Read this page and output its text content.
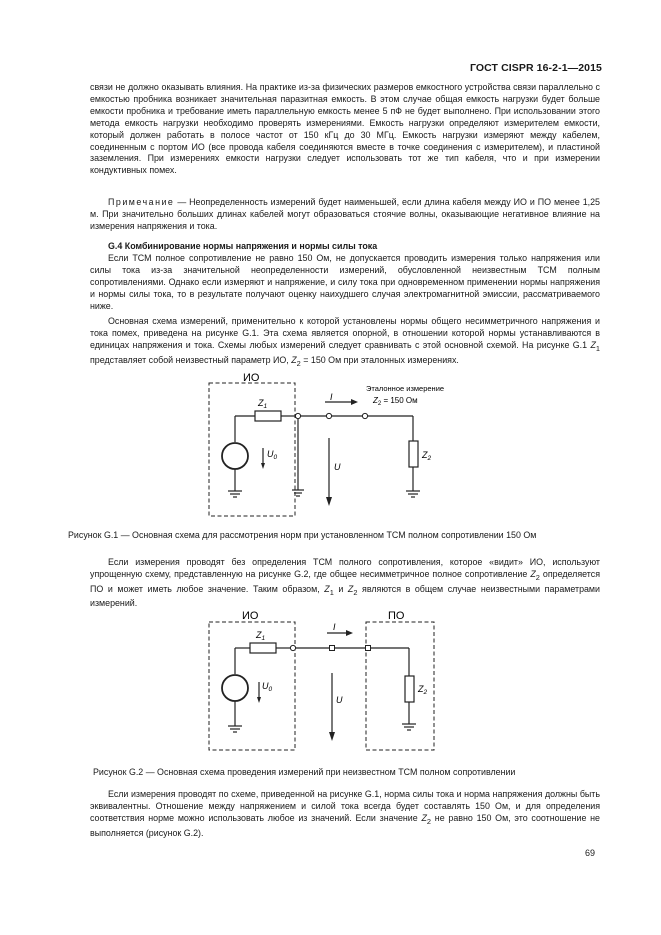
ГОСТ CISPR 16-2-1—2015

связи не должно оказывать влияния. На практике из-за физических размеров емкостного устройства связи параллельно с емкостью пробника возникает значительная паразитная емкость. В этом случае общая емкость нагрузки будет больше емкости пробника и требование иметь параллельную емкость менее 5 пФ не будет выполнено. При использовании этого метода емкость нагрузки необходимо проверять измерениями. Емкость нагрузки определяют измерителем емкости, который должен работать в полосе частот от 150 кГц до 30 МГц. Емкость нагрузки измеряют между кабелем, соединенным с портом ИО (все провода кабеля соединяются вместе в точке соединения с измерителем), и пластиной заземления. При измерениях емкости нагрузки следует использовать тот же тип кабеля, что и при измерении кондуктивных помех.

Примечание — Неопределенность измерений будет наименьшей, если длина кабеля между ИО и ПО менее 1,25 м. При значительно больших длинах кабелей могут образоваться стоячие волны, оказывающие негативное влияние на измерения напряжения и тока.

G.4 Комбинирование нормы напряжения и нормы силы тока

Если ТСМ полное сопротивление не равно 150 Ом, не допускается проводить измерения только напряжения или силы тока из-за значительной неопределенности измерений, обусловленной неизвестным ТСМ полным сопротивлениями. Однако если измеряют и напряжение, и силу тока при одновременном применении нормы напряжения и нормы силы тока, то в результате получают оценку наихудшего случая электромагнитной эмиссии, рассматриваемого ниже.

Основная схема измерений, применительно к которой установлены нормы общего несимметричного напряжения и тока помех, приведена на рисунке G.1. Эта схема является опорной, в отношении которой нормы устанавливаются в единицах напряжения и тока. Схемы любых измерений следует сравнивать с этой основной схемой. На рисунке G.1 $Z_1$ представляет собой неизвестный параметр ИО, $Z_2 = 150$ Ом при эталонных измерениях.

ИО
$Z_1$
I
Эталонное измерение
$Z_2 = 150$ Ом
$U_0$
U
$Z_2$
Рисунок G.1 — Основная схема для рассмотрения норм при установленном ТСМ полном сопротивлении 150 Ом

Если измерения проводят без определения ТСМ полного сопротивления, которое «видит» ИО, используют упрощенную схему, представленную на рисунке G.2, где общее несимметричное полное сопротивление $Z_2$ определяется ПО и может иметь любое значение. Таким образом, $Z_1$ и $Z_2$ являются в общем случае неизвестными параметрами измерений.

ИО	ПО
$Z_1$
I
$U_0$
U
$Z_2$
Рисунок G.2 — Основная схема проведения измерений при неизвестном ТСМ полном сопротивлении

Если измерения проводят по схеме, приведенной на рисунке G.1, норма силы тока и норма напряжения должны быть эквивалентны. Отношение между напряжением и силой тока всегда будет составлять 150 Ом, и для определения соответствия норме можно использовать любое из значений. Если значение $Z_2$ не равно 150 Ом, это соотношение не выполняется (рисунок G.2).

69
